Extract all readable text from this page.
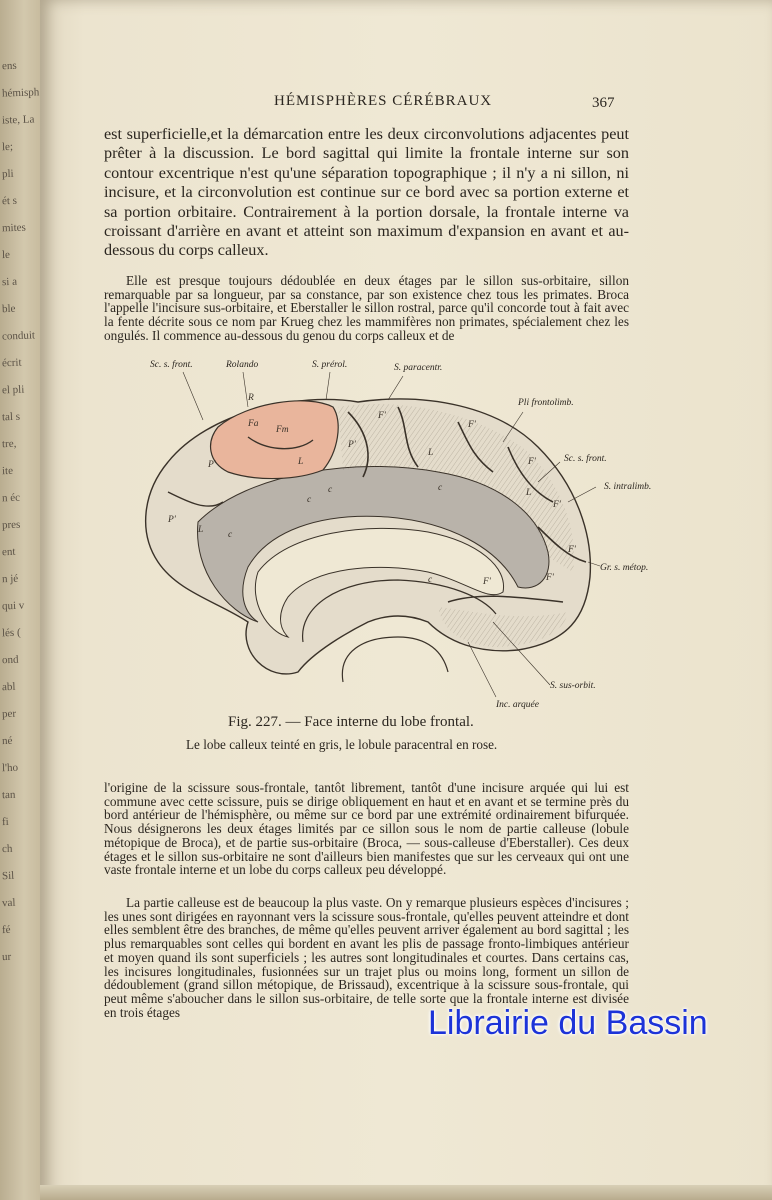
ens
hémisph
iste, La
le;
pli
ét s
mites
le
si a
ble
conduit
écrit
el pli
tal s
tre,
ite
n éc
pres
ent
n jé
qui v
lés (
ond
abl
per
né
l'ho
tan
fi
ch
Sil
val
fé
ur
HÉMISPHÈRES CÉRÉBRAUX	367

est superficielle,et la démarcation entre les deux circonvolutions adjacentes peut prêter à la discussion. Le bord sagittal qui limite la frontale interne sur son contour excentrique n'est qu'une séparation topographique ; il n'y a ni sillon, ni incisure, et la circonvolution est continue sur ce bord avec sa portion externe et sa portion orbitaire. Contrairement à la portion dorsale, la frontale interne va croissant d'arrière en avant et atteint son maximum d'expansion en avant et au-dessous du corps calleux.

Elle est presque toujours dédoublée en deux étages par le sillon sus-orbitaire, sillon remarquable par sa longueur, par sa constance, par son existence chez tous les primates. Broca l'appelle l'incisure sus-orbitaire, et Eberstaller le sillon rostral, parce qu'il concorde tout à fait avec la fente décrite sous ce nom par Krueg chez les mammifères non primates, spécialement chez les ongulés. Il commence au-dessous du genou du corps calleux et de

Sc. s. front.	Rolando	S. prérol.	S. paracentr.
Pli frontolimb.
Sc. s. front.
S. intralimb.
Gr. s. métop.
S. sus-orbit.
Inc. arquée
R
Fa
Fm
L
P'
P'
F'
F'
F'
F'
F'
F'
F'
L
L
L
c
c
c
c
c
P'
Fig. 227. — Face interne du lobe frontal.
Le lobe calleux teinté en gris, le lobule paracentral en rose.

l'origine de la scissure sous-frontale, tantôt librement, tantôt d'une incisure arquée qui lui est commune avec cette scissure, puis se dirige obliquement en haut et en avant et se termine près du bord antérieur de l'hémisphère, ou même sur ce bord par une extrémité ordinairement bifurquée. Nous désignerons les deux étages limités par ce sillon sous le nom de partie calleuse (lobule métopique de Broca), et de partie sus-orbitaire (Broca, — sous-calleuse d'Eberstaller). Ces deux étages et le sillon sus-orbitaire ne sont d'ailleurs bien manifestes que sur les cerveaux qui ont une vaste frontale interne et un lobe du corps calleux peu développé.

La partie calleuse est de beaucoup la plus vaste. On y remarque plusieurs espèces d'incisures ; les unes sont dirigées en rayonnant vers la scissure sous-frontale, qu'elles peuvent atteindre et dont elles semblent être des branches, de même qu'elles peuvent arriver également au bord sagittal ; les plus remarquables sont celles qui bordent en avant les plis de passage fronto-limbiques antérieur et moyen quand ils sont superficiels ; les autres sont longitudinales et courtes. Dans certains cas, les incisures longitudinales, fusionnées sur un trajet plus ou moins long, forment un sillon de dédoublement (grand sillon métopique, de Brissaud), excentrique à la scissure sous-frontale, qui peut même s'aboucher dans le sillon sus-orbitaire, de telle sorte que la frontale interne est divisée en trois étages	Librairie du Bassin
